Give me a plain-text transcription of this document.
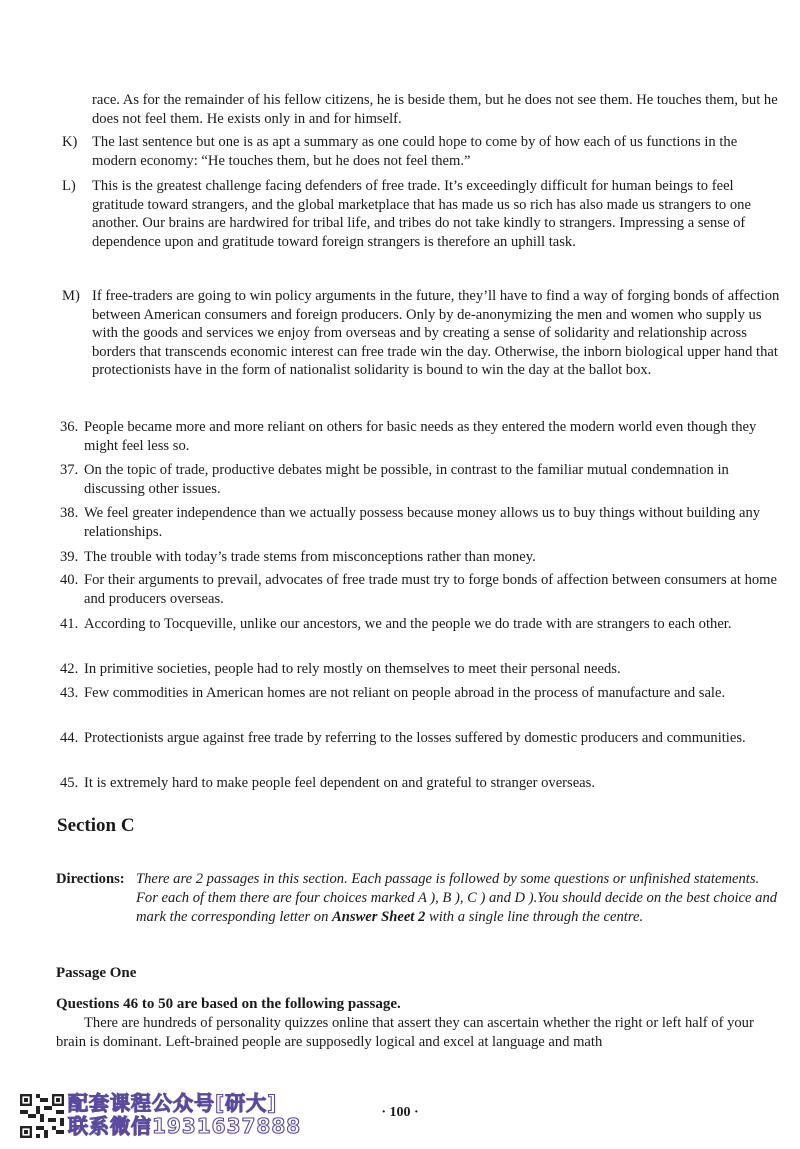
race. As for the remainder of his fellow citizens, he is beside them, but he does not see them. He touches them, but he does not feel them. He exists only in and for himself.
K) The last sentence but one is as apt a summary as one could hope to come by of how each of us functions in the modern economy: “He touches them, but he does not feel them.”
L) This is the greatest challenge facing defenders of free trade. It’s exceedingly difficult for human beings to feel gratitude toward strangers, and the global marketplace that has made us so rich has also made us strangers to one another. Our brains are hardwired for tribal life, and tribes do not take kindly to strangers. Impressing a sense of dependence upon and gratitude toward foreign strangers is therefore an uphill task.
M) If free-traders are going to win policy arguments in the future, they’ll have to find a way of forging bonds of affection between American consumers and foreign producers. Only by de-anonymizing the men and women who supply us with the goods and services we enjoy from overseas and by creating a sense of solidarity and relationship across borders that transcends economic interest can free trade win the day. Otherwise, the inborn biological upper hand that protectionists have in the form of nationalist solidarity is bound to win the day at the ballot box.
36. People became more and more reliant on others for basic needs as they entered the modern world even though they might feel less so.
37. On the topic of trade, productive debates might be possible, in contrast to the familiar mutual condemnation in discussing other issues.
38. We feel greater independence than we actually possess because money allows us to buy things without building any relationships.
39. The trouble with today’s trade stems from misconceptions rather than money.
40. For their arguments to prevail, advocates of free trade must try to forge bonds of affection between consumers at home and producers overseas.
41. According to Tocqueville, unlike our ancestors, we and the people we do trade with are strangers to each other.
42. In primitive societies, people had to rely mostly on themselves to meet their personal needs.
43. Few commodities in American homes are not reliant on people abroad in the process of manufacture and sale.
44. Protectionists argue against free trade by referring to the losses suffered by domestic producers and communities.
45. It is extremely hard to make people feel dependent on and grateful to stranger overseas.
Section C
Directions: There are 2 passages in this section. Each passage is followed by some questions or unfinished statements. For each of them there are four choices marked A ), B ), C ) and D ).You should decide on the best choice and mark the corresponding letter on Answer Sheet 2 with a single line through the centre.
Passage One
Questions 46 to 50 are based on the following passage.
There are hundreds of personality quizzes online that assert they can ascertain whether the right or left half of your brain is dominant. Left-brained people are supposedly logical and excel at language and math
· 100 ·
配套课程公众号[研大]
联系微信1931637888
